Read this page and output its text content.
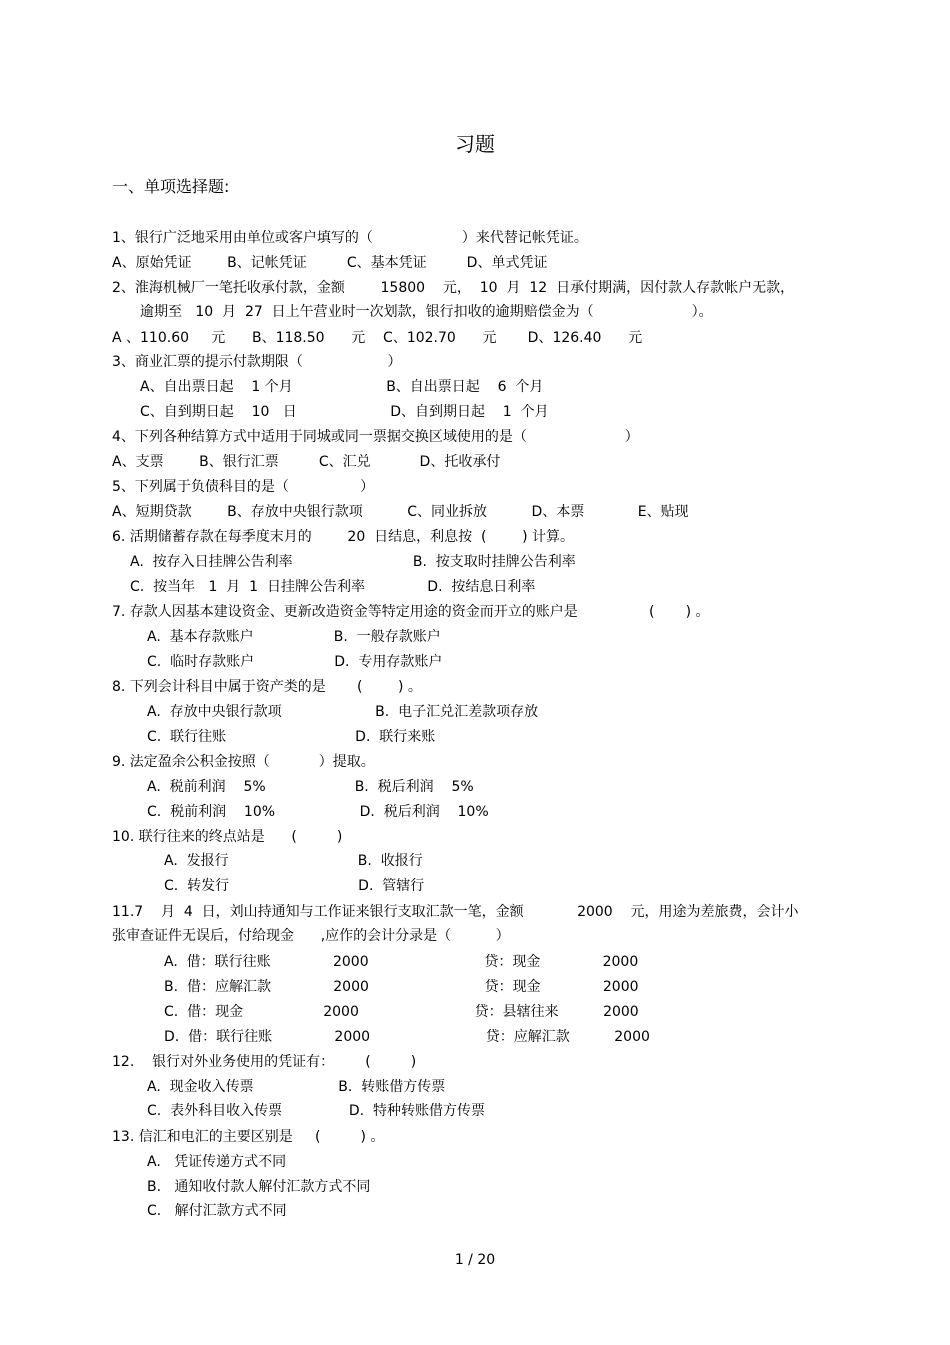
习题
一、单项选择题:
1、银行广泛地采用由单位或客户填写的（                    ）来代替记帐凭证。
A、原始凭证        B、记帐凭证         C、基本凭证         D、单式凭证
2、淮海机械厂一笔托收承付款，金额        15800    元，  10  月  12  日承付期满，因付款人存款帐户无款，
逾期至   10  月  27  日上午营业时一次划款，银行扣收的逾期赔偿金为（                      ）。
A 、110.60     元      B、118.50      元    C、102.70      元       D、126.40      元
3、商业汇票的提示付款期限（                   ）
A、自出票日起    1 个月                     B、自出票日起    6  个月
C、自到期日起    10   日                     D、自到期日起    1  个月
4、下列各种结算方式中适用于同城或同一票据交换区域使用的是（                      ）
A、支票        B、银行汇票         C、汇兑           D、托收承付
5、下列属于负债科目的是（                ）
A、短期贷款        B、存放中央银行款项          C、同业拆放          D、本票            E、贴现
6. 活期储蓄存款在每季度末月的        20  日结息，利息按  (        ) 计算。
A.  按存入日挂牌公告利率                           B.  按支取时挂牌公告利率
C.  按当年   1  月  1  日挂牌公告利率              D.  按结息日利率
7. 存款人因基本建设资金、更新改造资金等特定用途的资金而开立的账户是                (       ) 。
A.  基本存款账户                  B.  一般存款账户
C.  临时存款账户                  D.  专用存款账户
8. 下列会计科目中属于资产类的是       (        ) 。
A.  存放中央银行款项                     B.  电子汇兑汇差款项存放
C.  联行往账                             D.  联行来账
9. 法定盈余公积金按照（           ）提取。
A.  税前利润    5%                    B.  税后利润    5%
C.  税前利润    10%                   D.  税后利润    10%
10. 联行往来的终点站是      (         )
A.  发报行                             B.  收报行
C.  转发行                             D.  管辖行
11.7    月  4  日，刘山持通知与工作证来银行支取汇款一笔，金额            2000    元，用途为差旅费，会计小
张审查证件无误后，付给现金      ,应作的会计分录是（          ）
A.  借：联行往账              2000                          贷：现金              2000
B.  借：应解汇款              2000                          贷：现金              2000
C.  借：现金                  2000                          贷：县辖往来          2000
D.  借：联行往账              2000                          贷：应解汇款          2000
12.    银行对外业务使用的凭证有：       (         )
A.  现金收入传票                   B.  转账借方传票
C.  表外科目收入传票               D.  特种转账借方传票
13. 信汇和电汇的主要区别是     (         ) 。
A.   凭证传递方式不同
B.   通知收付款人解付汇款方式不同
C.   解付汇款方式不同
1 / 20
